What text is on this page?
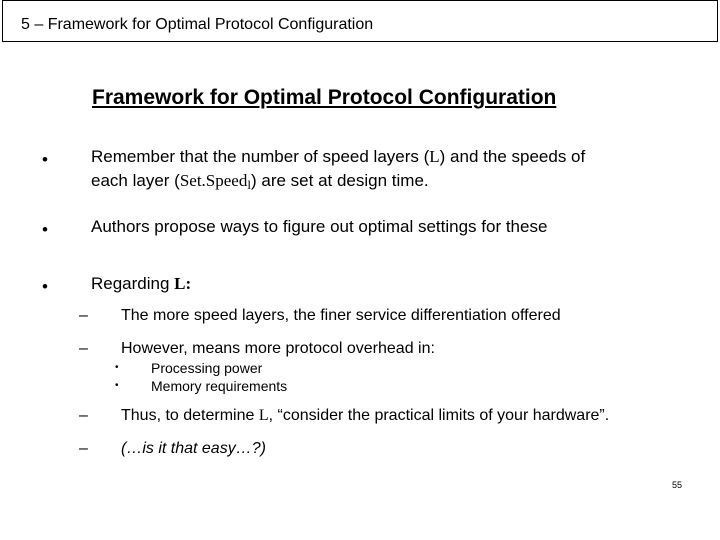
5 – Framework for Optimal Protocol Configuration
Framework for Optimal Protocol Configuration
•	Remember that the number of speed layers (L) and the speeds of
each layer (Set.Speed$_l$) are set at design time.
•	Authors propose ways to figure out optimal settings for these
•	Regarding L:
– The more speed layers, the finer service differentiation offered
– However, means more protocol overhead in:
• Processing power
• Memory requirements
– Thus, to determine L, “consider the practical limits of your hardware”.
– (…is it that easy…?)
55
